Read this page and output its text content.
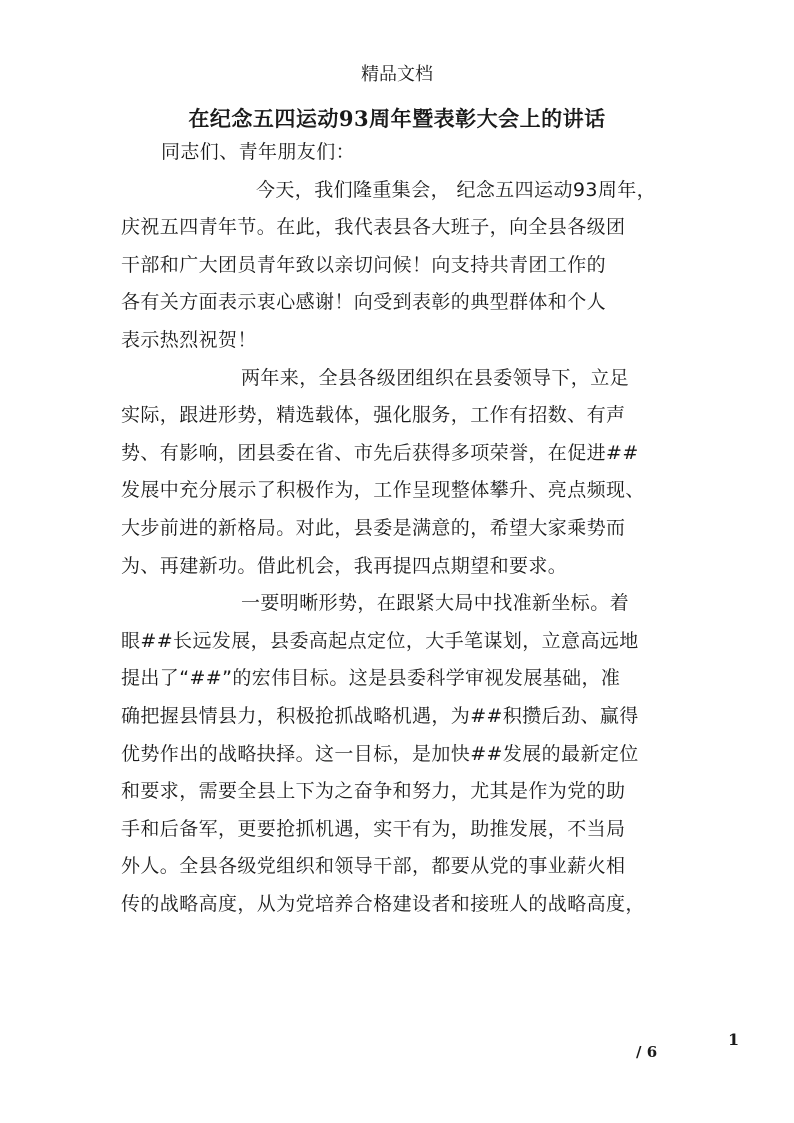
精品文档
在纪念五四运动93周年暨表彰大会上的讲话
同志们、青年朋友们：
今天，我们隆重集会， 纪念五四运动93周年，
庆祝五四青年节。在此，我代表县各大班子，向全县各级团
干部和广大团员青年致以亲切问候！向支持共青团工作的
各有关方面表示衷心感谢！向受到表彰的典型群体和个人
表示热烈祝贺！
两年来，全县各级团组织在县委领导下，立足
实际，跟进形势，精选载体，强化服务，工作有招数、有声
势、有影响，团县委在省、市先后获得多项荣誉，在促进##
发展中充分展示了积极作为，工作呈现整体攀升、亮点频现、
大步前进的新格局。对此，县委是满意的，希望大家乘势而
为、再建新功。借此机会，我再提四点期望和要求。
一要明晰形势，在跟紧大局中找准新坐标。着
眼##长远发展，县委高起点定位，大手笔谋划，立意高远地
提出了“##”的宏伟目标。这是县委科学审视发展基础，准
确把握县情县力，积极抢抓战略机遇，为##积攒后劲、赢得
优势作出的战略抉择。这一目标，是加快##发展的最新定位
和要求，需要全县上下为之奋争和努力，尤其是作为党的助
手和后备军，更要抢抓机遇，实干有为，助推发展，不当局
外人。全县各级党组织和领导干部，都要从党的事业薪火相
传的战略高度，从为党培养合格建设者和接班人的战略高度，
1
/ 6
